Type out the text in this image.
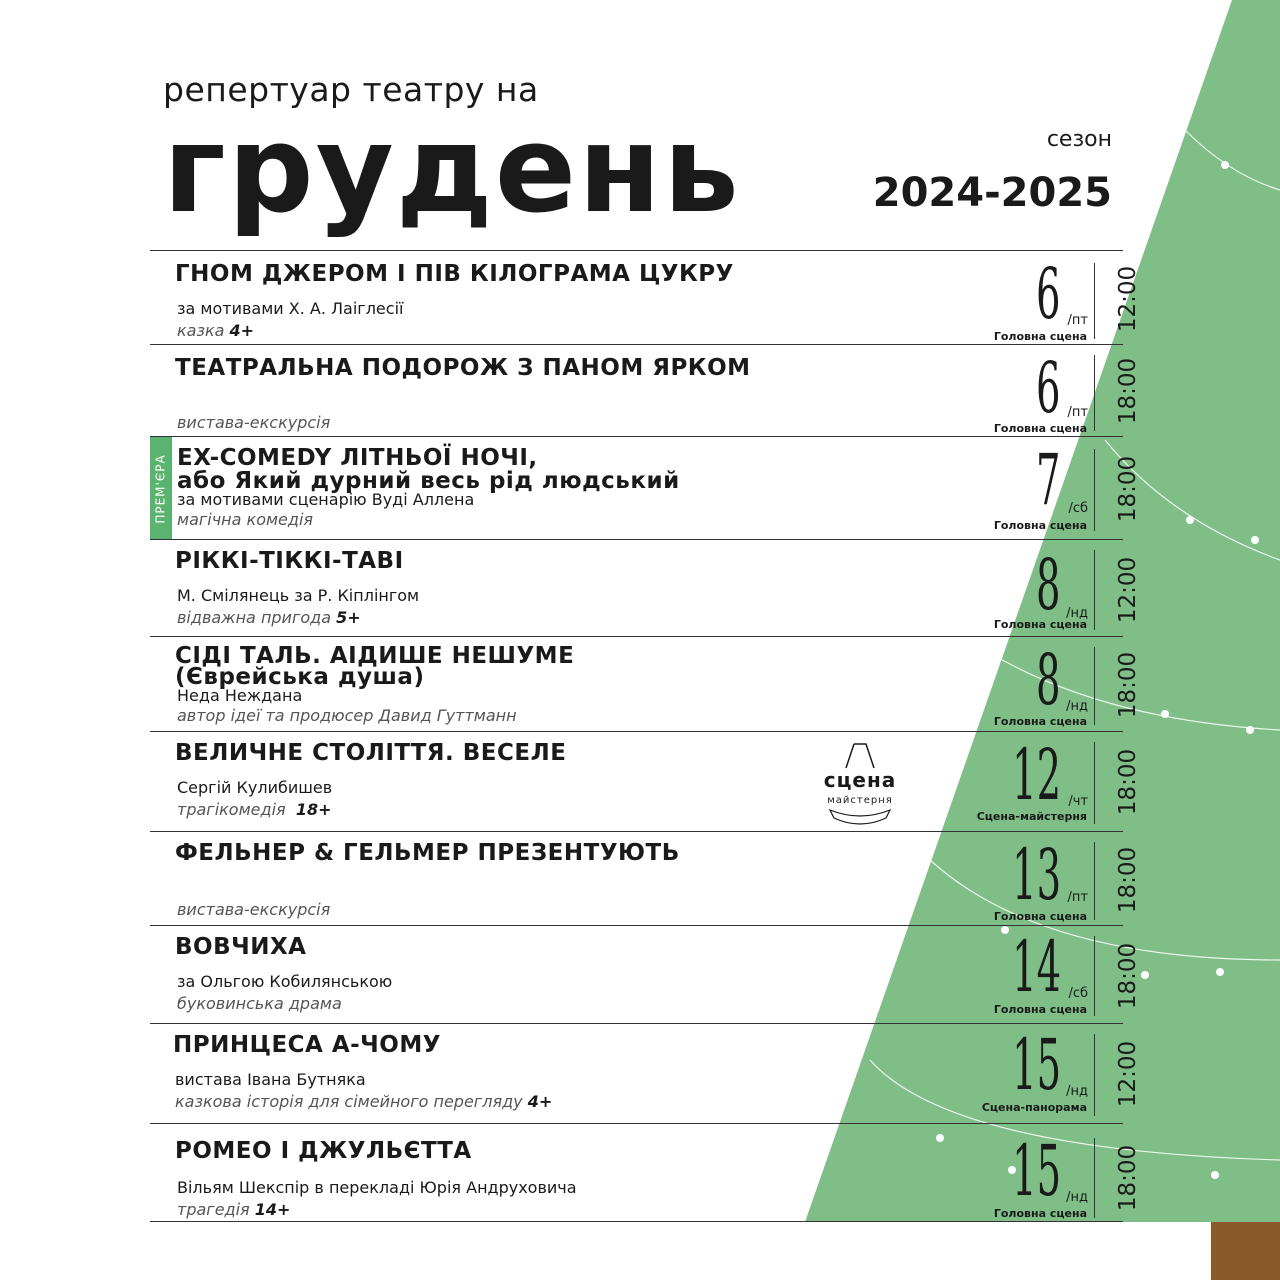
репертуар театру на
грудень	сезон
2024-2025
ГНОМ ДЖЕРОМ І ПІВ КІЛОГРАМА ЦУКРУ
за мотивами Х. А. Лаіглесії
казка 4+	6 /пт
Головна сцена
12:00
ТЕАТРАЛЬНА ПОДОРОЖ З ПАНОМ ЯРКОМ
вистава-екскурсія	6 /пт
Головна сцена
18:00
ПРЕМ'ЄРА EX-COMEDY ЛІТНЬОЇ НОЧІ,
або Який дурний весь рід людський
за мотивами сценарію Вуді Аллена
магічна комедія	7 /сб
Головна сцена
18:00
РІККІ-ТІККІ-ТАВІ
М. Смілянець за Р. Кіплінгом
відважна пригода 5+	8 /нд
Головна сцена
12:00
СІДІ ТАЛЬ. АІДИШЕ НЕШУМЕ
(Єврейська душа)
Неда Неждана
автор ідеї та продюсер Давид Гуттманн	8 /нд
Головна сцена
18:00
ВЕЛИЧНЕ СТОЛІТТЯ. ВЕСЕЛЕ
Сергій Кулибишев
трагікомедія 18+
сцена
майстерня 12 /чт
Сцена-майстерня
18:00
ФЕЛЬНЕР & ГЕЛЬМЕР ПРЕЗЕНТУЮТЬ
вистава-екскурсія	13 /пт
Головна сцена
18:00
ВОВЧИХА
за Ольгою Кобилянською
буковинська драма	14 /сб
Головна сцена
18:00
ПРИНЦЕСА А-ЧОМУ
вистава Івана Бутняка
казкова історія для сімейного перегляду 4+	15 /нд
Сцена-панорама
12:00
РОМЕО І ДЖУЛЬЄТТА
Вільям Шекспір в перекладі Юрія Андруховича
трагедія 14+	15 /нд
Головна сцена
18:00
